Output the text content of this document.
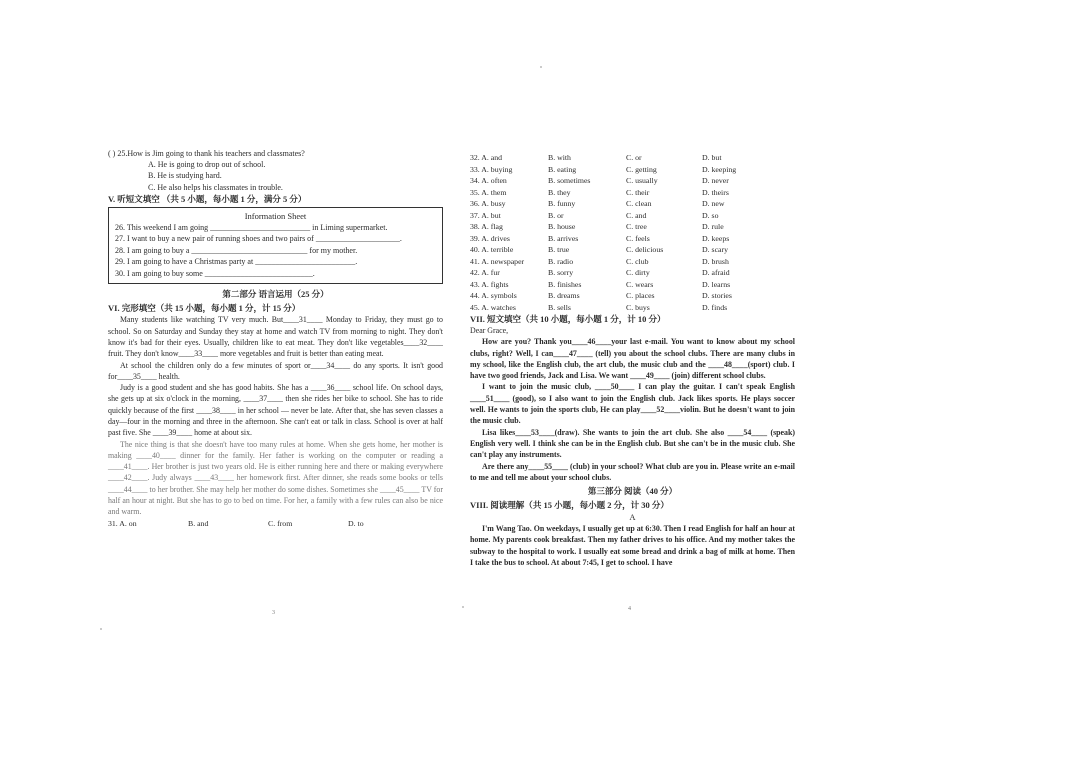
( ) 25.How is Jim going to thank his teachers and classmates?

A. He is going to drop out of school.

B. He is studying hard.

C. He also helps his classmates in trouble.

V. 听短文填空 （共 5 小题，每小题 1 分，满分 5 分）

Information Sheet
26. This weekend I am going _________________________ in Liming supermarket.
27. I want to buy a new pair of running shoes and two pairs of _____________________.
28. I am going to buy a _____________________________ for my mother.
29. I am going to have a Christmas party at _________________________.
30. I am going to buy some ___________________________.

第二部分 语言运用（25 分）

VI. 完形填空（共 15 小题，每小题 1 分，计 15 分）

Many students like watching TV very much. But____31____ Monday to Friday, they must go to school. So on Saturday and Sunday they stay at home and watch TV from morning to night. They don't know it's bad for their eyes. Usually, children like to eat meat. They don't like vegetables____32____ fruit. They don't know____33____ more vegetables and fruit is better than eating meat.

At school the children only do a few minutes of sport or____34____ do any sports. It isn't good for____35____ health.

Judy is a good student and she has good habits. She has a ____36____ school life. On school days, she gets up at six o'clock in the morning, ____37____ then she rides her bike to school. She has to ride quickly because of the first ____38____ in her school — never be late. After that, she has seven classes a day—four in the morning and three in the afternoon. She can't eat or talk in class. School is over at half past five. She ____39____ home at about six.

The nice thing is that she doesn't have too many rules at home. When she gets home, her mother is making ____40____ dinner for the family. Her father is working on the computer or reading a ____41____. Her brother is just two years old. He is either running here and there or making everywhere ____42____. Judy always ____43____ her homework first. After dinner, she reads some books or tells ____44____ to her brother. She may help her mother do some dishes. Sometimes she ____45____ TV for half an hour at night. But she has to go to bed on time. For her, a family with a few rules can also be nice and warm.

31. A. on	B. and	C. from	D. to
3
32. A. and	B. with	C. or	D. but
33. A. buying	B. eating	C. getting	D. keeping
34. A. often	B. sometimes	C. usually	D. never
35. A. them	B. they	C. their	D. theirs
36. A. busy	B. funny	C. clean	D. new
37. A. but	B. or	C. and	D. so
38. A. flag	B. house	C. tree	D. rule
39. A. drives	B. arrives	C. feels	D. keeps
40. A. terrible	B. true	C. delicious	D. scary
41. A. newspaper	B. radio	C. club	D. brush
42. A. fur	B. sorry	C. dirty	D. afraid
43. A. fights	B. finishes	C. wears	D. learns
44. A. symbols	B. dreams	C. places	D. stories
45. A. watches	B. sells	C. buys	D. finds

VII. 短文填空（共 10 小题，每小题 1 分，计 10 分）

Dear Grace,

How are you? Thank you____46____your last e-mail. You want to know about my school clubs, right? Well, I can____47____ (tell) you about the school clubs. There are many clubs in my school, like the English club, the art club, the music club and the ____48____(sport) club. I have two good friends, Jack and Lisa. We want ____49____ (join) different school clubs.

I want to join the music club, ____50____ I can play the guitar. I can't speak English ____51____ (good), so I also want to join the English club. Jack likes sports. He plays soccer well. He wants to join the sports club, He can play____52____violin. But he doesn't want to join the music club.

Lisa likes____53____(draw). She wants to join the art club. She also ____54____ (speak) English very well. I think she can be in the English club. But she can't be in the music club. She can't play any instruments.

Are there any____55____ (club) in your school? What club are you in. Please write an e-mail to me and tell me about your school clubs.

第三部分 阅读（40 分）

VIII. 阅读理解（共 15 小题，每小题 2 分，计 30 分）

A

I'm Wang Tao. On weekdays, I usually get up at 6:30. Then I read English for half an hour at home. My parents cook breakfast. Then my father drives to his office. And my mother takes the subway to the hospital to work. I usually eat some bread and drink a bag of milk at home. Then I take the bus to school. At about 7:45, I get to school. I have

4
